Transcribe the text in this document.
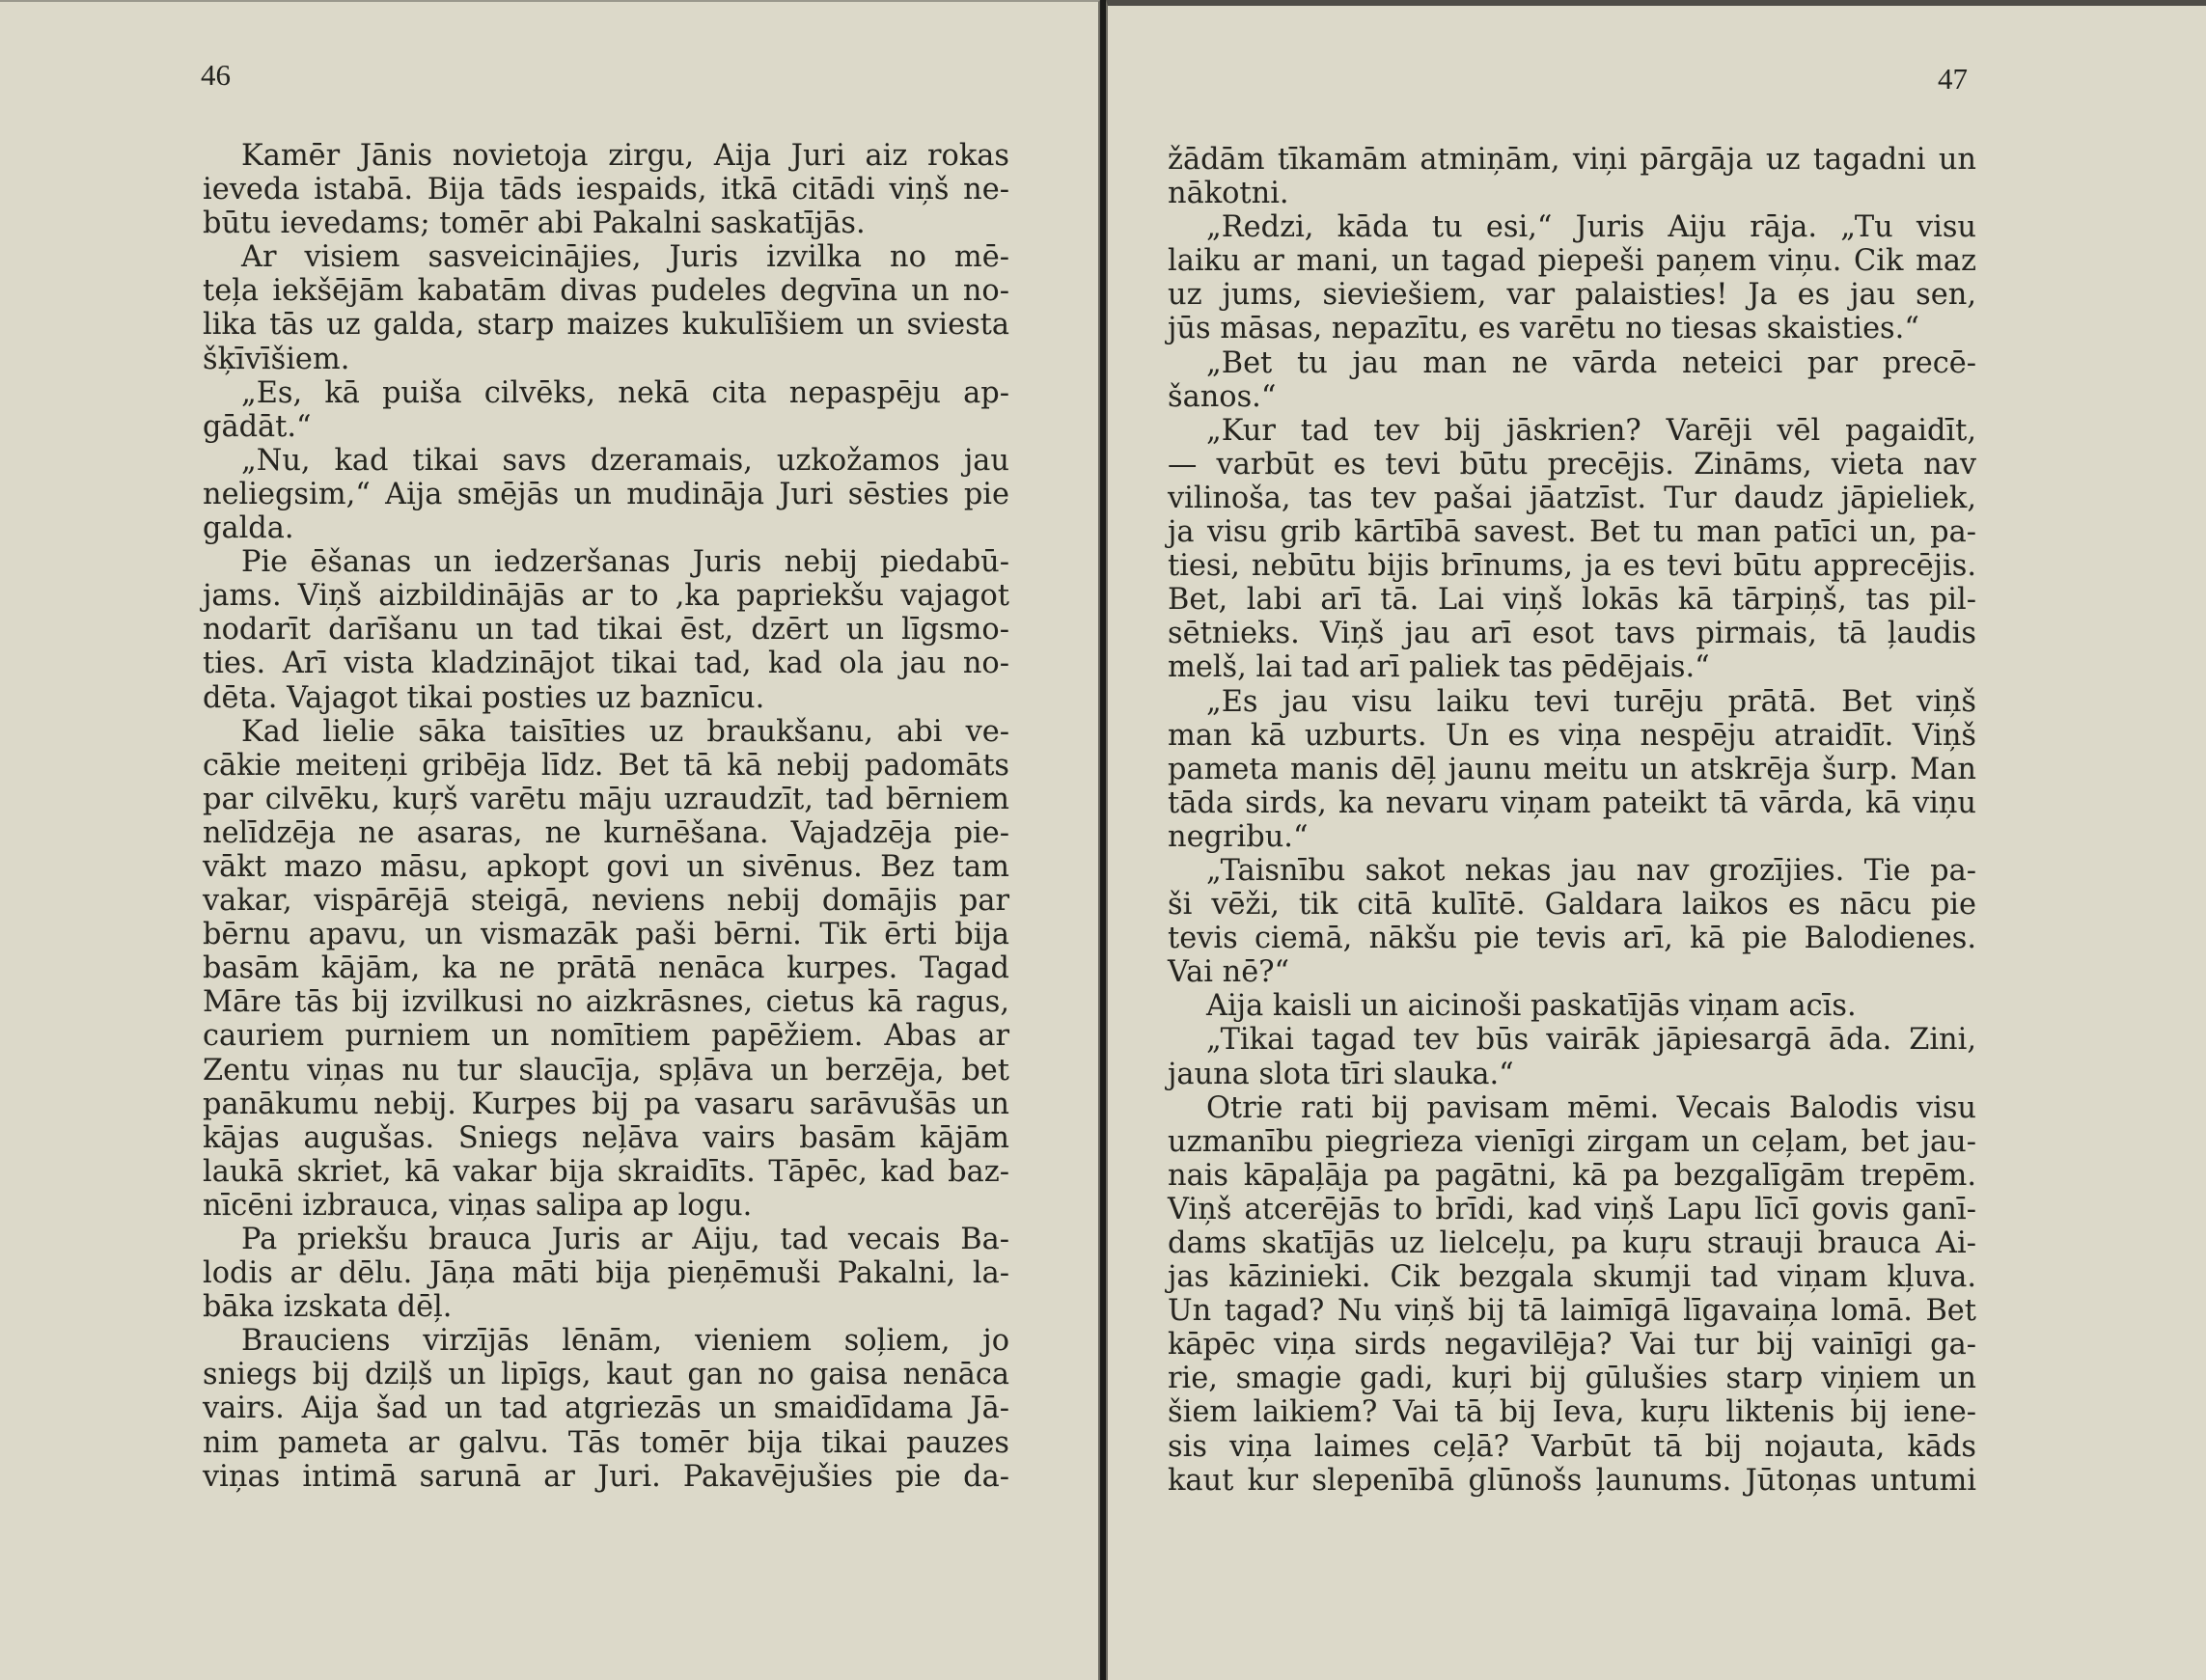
46
Kamēr Jānis novietoja zirgu, Aija Juri aiz rokas
ieveda istabā. Bija tāds iespaids, itkā citādi viņš ne-
būtu ievedams; tomēr abi Pakalni saskatījās.
Ar visiem sasveicinājies, Juris izvilka no mē-
teļa iekšējām kabatām divas pudeles degvīna un no-
lika tās uz galda, starp maizes kukulīšiem un sviesta
šķīvīšiem.
„Es, kā puiša cilvēks, nekā cita nepaspēju ap-
gādāt.“
„Nu, kad tikai savs dzeramais, uzkožamos jau
neliegsim,“ Aija smējās un mudināja Juri sēsties pie
galda.
Pie ēšanas un iedzeršanas Juris nebij piedabū-
jams. Viņš aizbildinājās ar to ,ka papriekšu vajagot
nodarīt darīšanu un tad tikai ēst, dzērt un līgsmo-
ties. Arī vista kladzinājot tikai tad, kad ola jau no-
dēta. Vajagot tikai posties uz baznīcu.
Kad lielie sāka taisīties uz braukšanu, abi ve-
cākie meiteņi gribēja līdz. Bet tā kā nebij padomāts
par cilvēku, kuŗš varētu māju uzraudzīt, tad bērniem
nelīdzēja ne asaras, ne kurnēšana. Vajadzēja pie-
vākt mazo māsu, apkopt govi un sivēnus. Bez tam
vakar, vispārējā steigā, neviens nebij domājis par
bērnu apavu, un vismazāk paši bērni. Tik ērti bija
basām kājām, ka ne prātā nenāca kurpes. Tagad
Māre tās bij izvilkusi no aizkrāsnes, cietus kā ragus,
cauriem purniem un nomītiem papēžiem. Abas ar
Zentu viņas nu tur slaucīja, spļāva un berzēja, bet
panākumu nebij. Kurpes bij pa vasaru sarāvušās un
kājas augušas. Sniegs neļāva vairs basām kājām
laukā skriet, kā vakar bija skraidīts. Tāpēc, kad baz-
nīcēni izbrauca, viņas salipa ap logu.
Pa priekšu brauca Juris ar Aiju, tad vecais Ba-
lodis ar dēlu. Jāņa māti bija pieņēmuši Pakalni, la-
bāka izskata dēļ.
Brauciens virzījās lēnām, vieniem soļiem, jo
sniegs bij dziļš un lipīgs, kaut gan no gaisa nenāca
vairs. Aija šad un tad atgriezās un smaidīdama Jā-
nim pameta ar galvu. Tās tomēr bija tikai pauzes
viņas intimā sarunā ar Juri. Pakavējušies pie da-
47
žādām tīkamām atmiņām, viņi pārgāja uz tagadni un
nākotni.
„Redzi, kāda tu esi,“ Juris Aiju rāja. „Tu visu
laiku ar mani, un tagad piepeši paņem viņu. Cik maz
uz jums, sieviešiem, var palaisties! Ja es jau sen,
jūs māsas, nepazītu, es varētu no tiesas skaisties.“
„Bet tu jau man ne vārda neteici par precē-
šanos.“
„Kur tad tev bij jāskrien? Varēji vēl pagaidīt,
— varbūt es tevi būtu precējis. Zināms, vieta nav
vilinoša, tas tev pašai jāatzīst. Tur daudz jāpieliek,
ja visu grib kārtībā savest. Bet tu man patīci un, pa-
tiesi, nebūtu bijis brīnums, ja es tevi būtu apprecējis.
Bet, labi arī tā. Lai viņš lokās kā tārpiņš, tas pil-
sētnieks. Viņš jau arī esot tavs pirmais, tā ļaudis
melš, lai tad arī paliek tas pēdējais.“
„Es jau visu laiku tevi turēju prātā. Bet viņš
man kā uzburts. Un es viņa nespēju atraidīt. Viņš
pameta manis dēļ jaunu meitu un atskrēja šurp. Man
tāda sirds, ka nevaru viņam pateikt tā vārda, kā viņu
negribu.“
„Taisnību sakot nekas jau nav grozījies. Tie pa-
ši vēži, tik citā kulītē. Galdara laikos es nācu pie
tevis ciemā, nākšu pie tevis arī, kā pie Balodienes.
Vai nē?“
Aija kaisli un aicinoši paskatījās viņam acīs.
„Tikai tagad tev būs vairāk jāpiesargā āda. Zini,
jauna slota tīri slauka.“
Otrie rati bij pavisam mēmi. Vecais Balodis visu
uzmanību piegrieza vienīgi zirgam un ceļam, bet jau-
nais kāpaļāja pa pagātni, kā pa bezgalīgām trepēm.
Viņš atcerējās to brīdi, kad viņš Lapu līcī govis ganī-
dams skatījās uz lielceļu, pa kuŗu strauji brauca Ai-
jas kāzinieki. Cik bezgala skumji tad viņam kļuva.
Un tagad? Nu viņš bij tā laimīgā līgavaiņa lomā. Bet
kāpēc viņa sirds negavilēja? Vai tur bij vainīgi ga-
rie, smagie gadi, kuŗi bij gūlušies starp viņiem un
šiem laikiem? Vai tā bij Ieva, kuŗu liktenis bij iene-
sis viņa laimes ceļā? Varbūt tā bij nojauta, kāds
kaut kur slepenībā glūnošs ļaunums. Jūtoņas untumi
